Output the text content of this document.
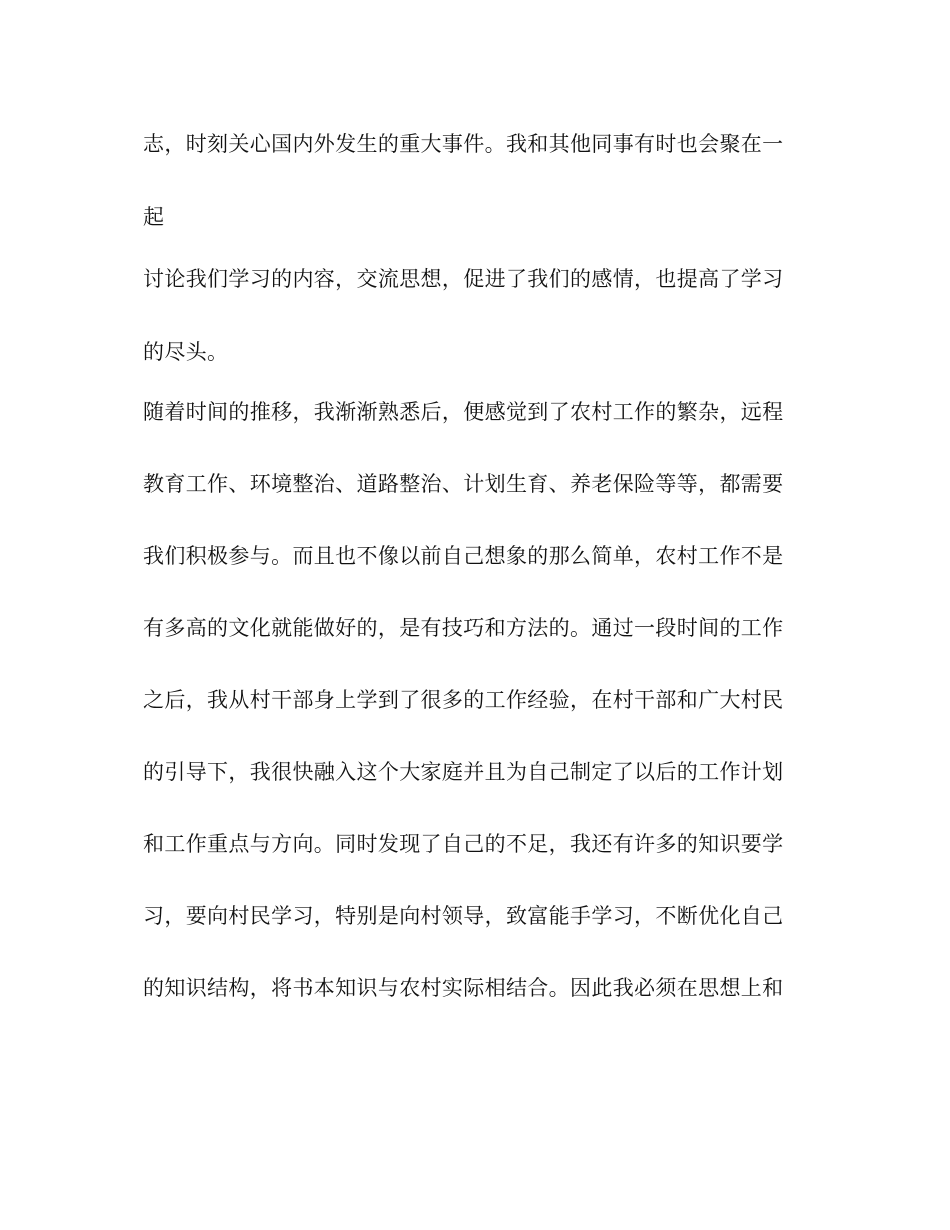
志，时刻关心国内外发生的重大事件。我和其他同事有时也会聚在一
起
讨论我们学习的内容，交流思想，促进了我们的感情，也提高了学习
的尽头。
随着时间的推移，我渐渐熟悉后，便感觉到了农村工作的繁杂，远程
教育工作、环境整治、道路整治、计划生育、养老保险等等，都需要
我们积极参与。而且也不像以前自己想象的那么简单，农村工作不是
有多高的文化就能做好的，是有技巧和方法的。通过一段时间的工作
之后，我从村干部身上学到了很多的工作经验，在村干部和广大村民
的引导下，我很快融入这个大家庭并且为自己制定了以后的工作计划
和工作重点与方向。同时发现了自己的不足，我还有许多的知识要学
习，要向村民学习，特别是向村领导，致富能手学习，不断优化自己
的知识结构，将书本知识与农村实际相结合。因此我必须在思想上和
